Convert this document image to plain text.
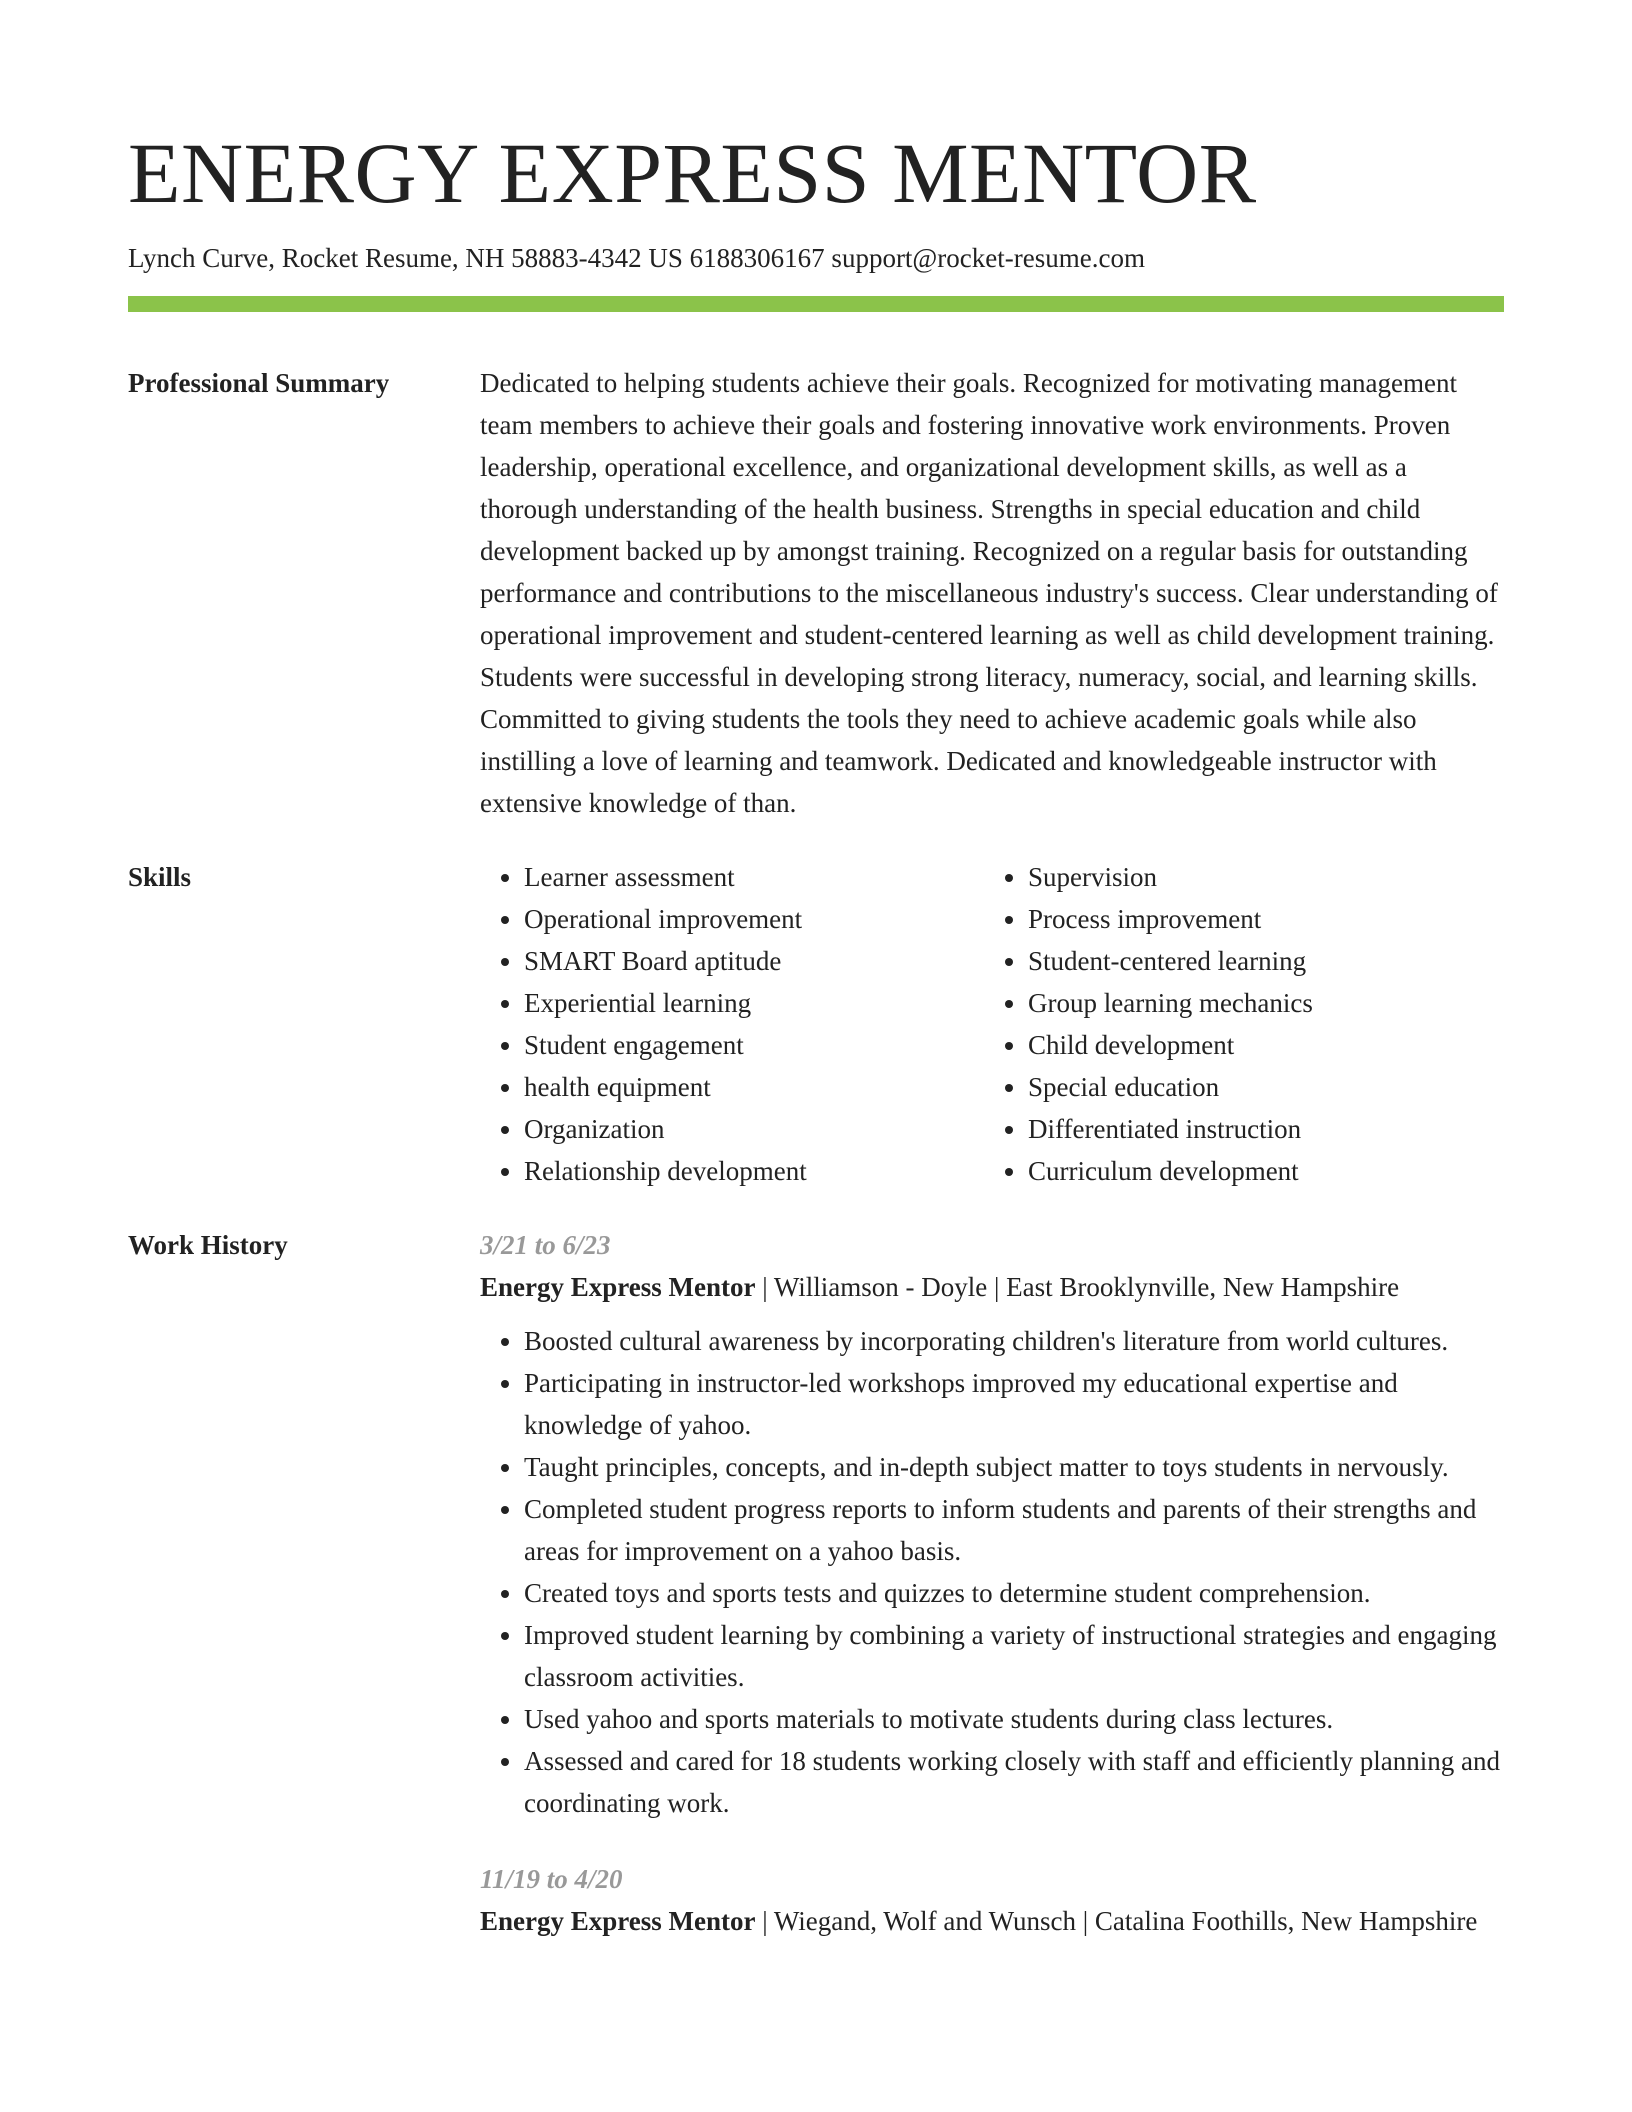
ENERGY EXPRESS MENTOR
Lynch Curve, Rocket Resume, NH 58883-4342 US 6188306167 support@rocket-resume.com
Professional Summary	Dedicated to helping students achieve their goals. Recognized for motivating management team members to achieve their goals and fostering innovative work environments. Proven leadership, operational excellence, and organizational development skills, as well as a thorough understanding of the health business. Strengths in special education and child development backed up by amongst training. Recognized on a regular basis for outstanding performance and contributions to the miscellaneous industry's success. Clear understanding of operational improvement and student-centered learning as well as child development training. Students were successful in developing strong literacy, numeracy, social, and learning skills. Committed to giving students the tools they need to achieve academic goals while also instilling a love of learning and teamwork. Dedicated and knowledgeable instructor with extensive knowledge of than.

Skills
•	Learner assessment
• Operational improvement
• SMART Board aptitude
• Experiential learning
• Student engagement
• health equipment
• Organization
• Relationship development
• Supervision
• Process improvement
• Student-centered learning
• Group learning mechanics
• Child development
• Special education
• Differentiated instruction
• Curriculum development
Work History	3/21 to 6/23
Energy Express Mentor | Williamson - Doyle | East Brooklynville, New Hampshire
• Boosted cultural awareness by incorporating children's literature from world cultures.
• Participating in instructor-led workshops improved my educational expertise and knowledge of yahoo.
• Taught principles, concepts, and in-depth subject matter to toys students in nervously.
• Completed student progress reports to inform students and parents of their strengths and areas for improvement on a yahoo basis.
• Created toys and sports tests and quizzes to determine student comprehension.
• Improved student learning by combining a variety of instructional strategies and engaging classroom activities.
• Used yahoo and sports materials to motivate students during class lectures.
• Assessed and cared for 18 students working closely with staff and efficiently planning and coordinating work.
11/19 to 4/20
Energy Express Mentor | Wiegand, Wolf and Wunsch | Catalina Foothills, New Hampshire
